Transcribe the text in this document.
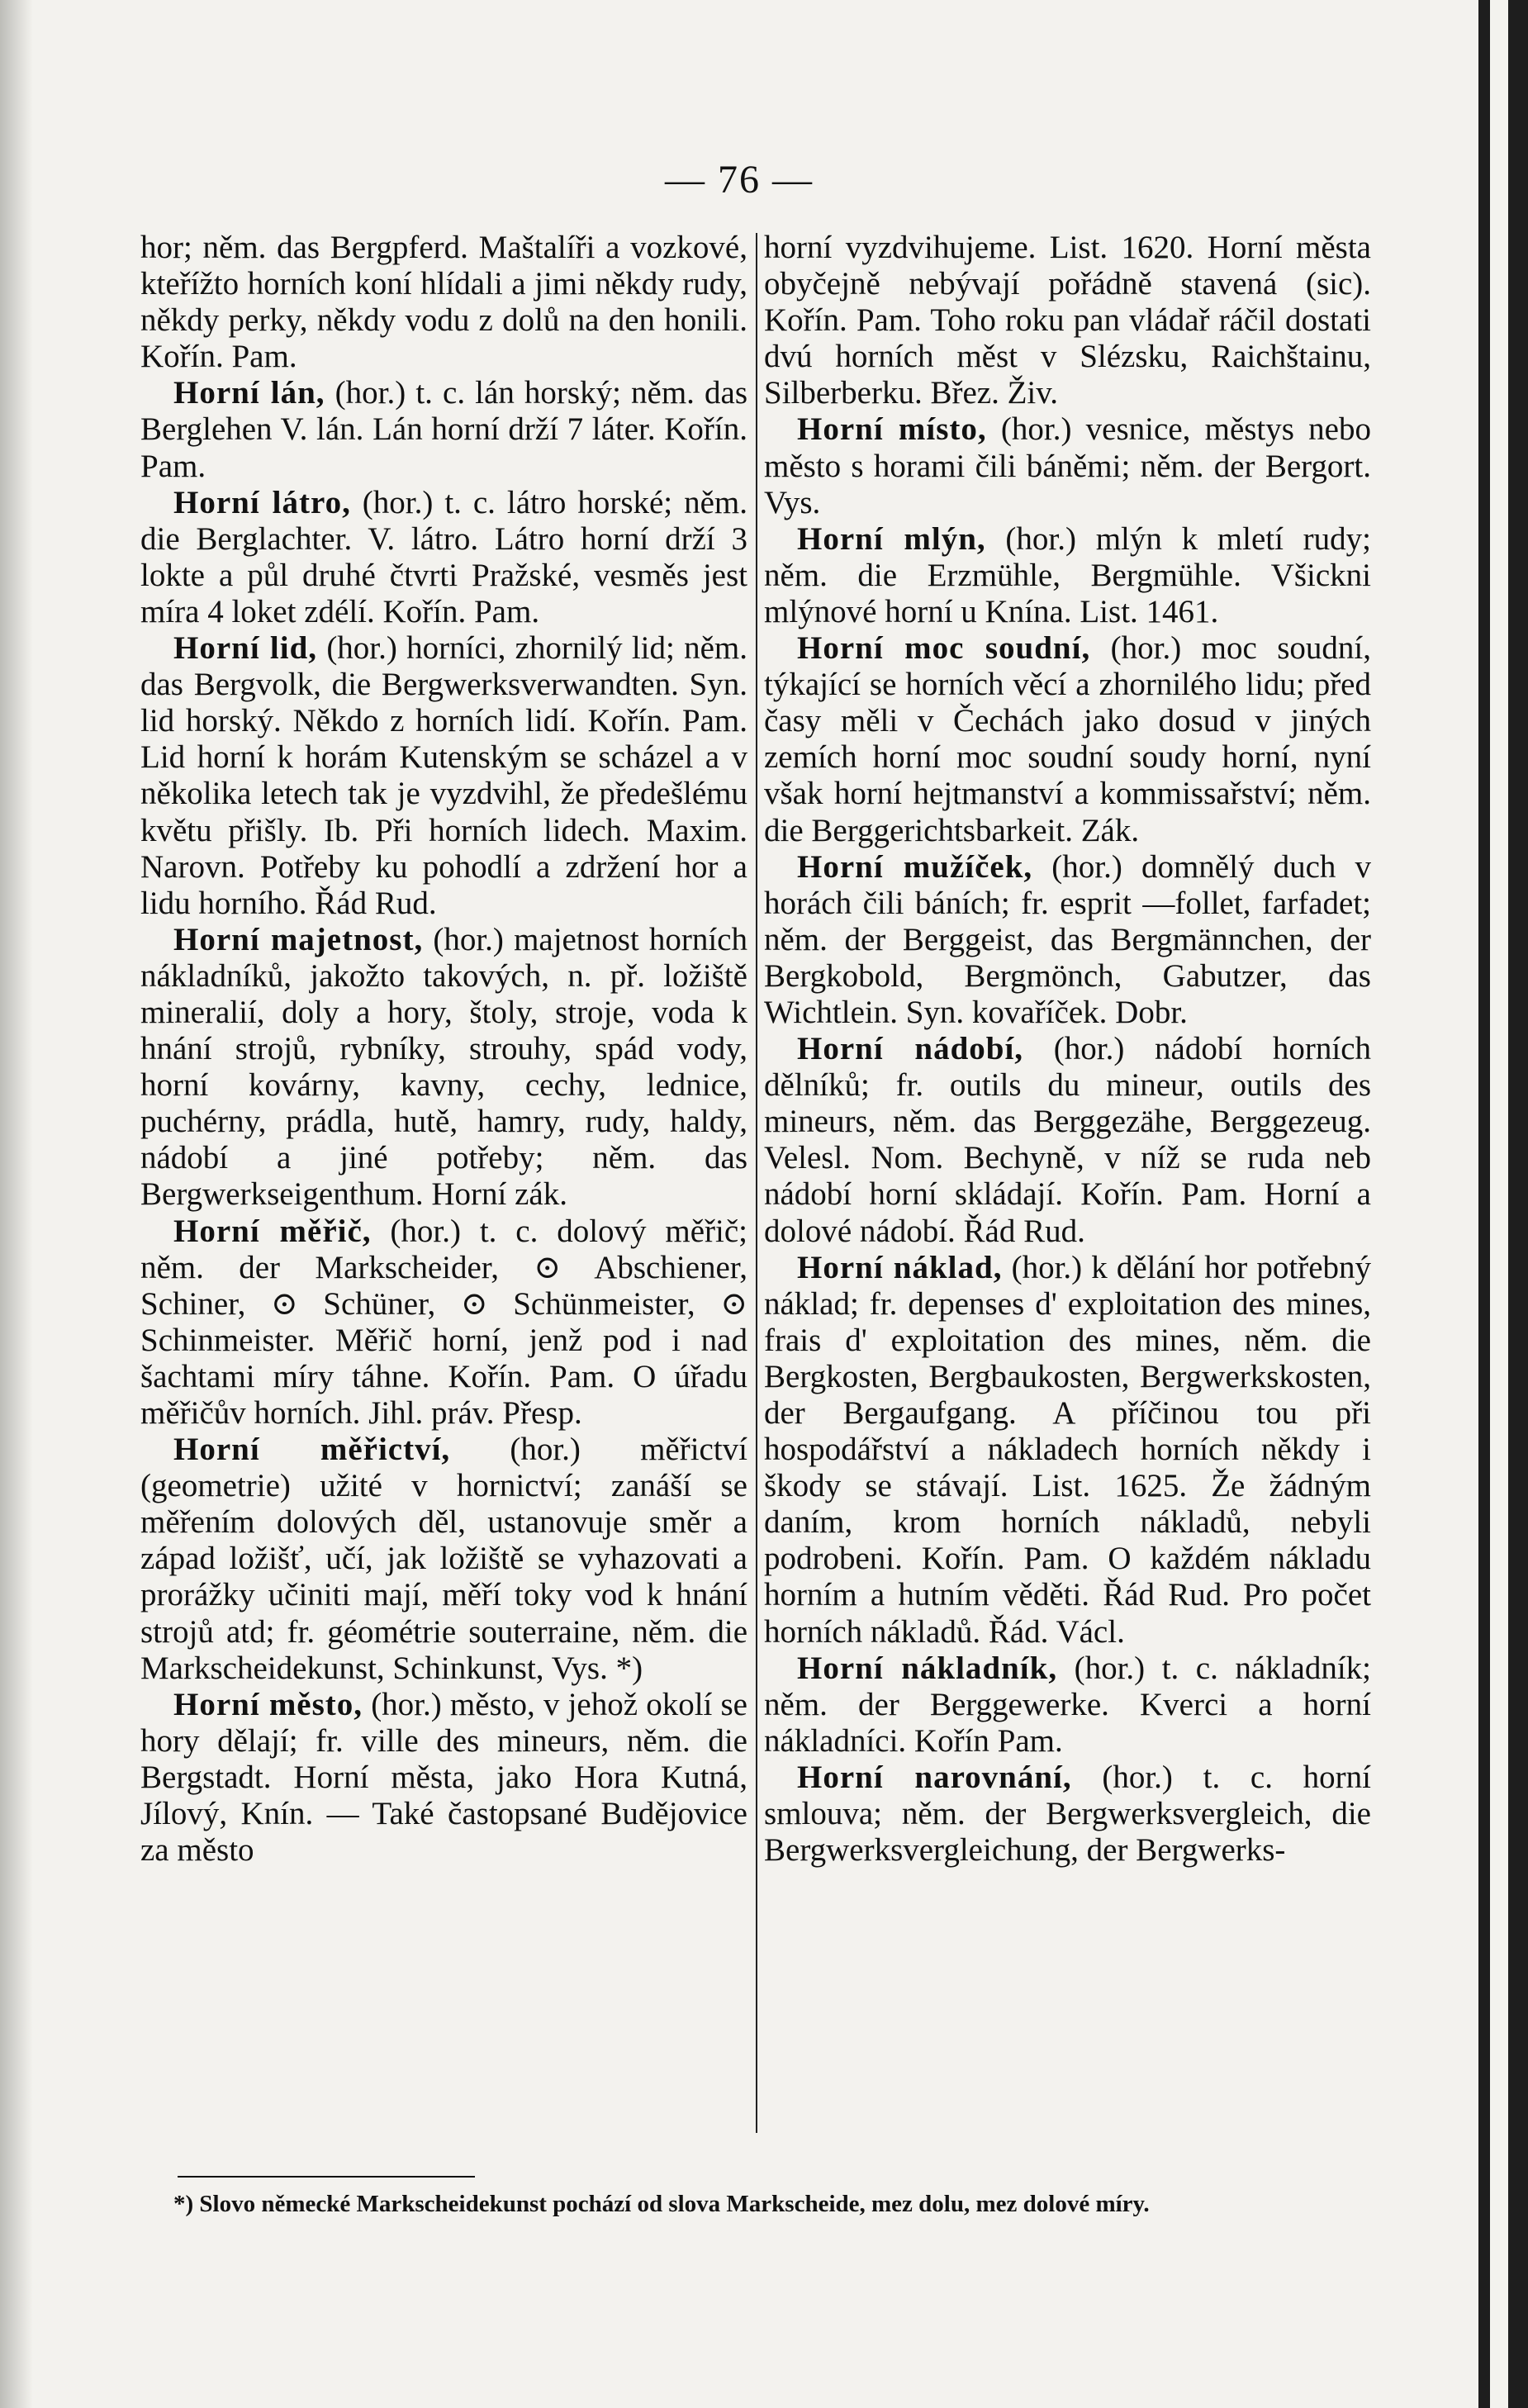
— 76 —

hor; něm. das Bergpferd. Maštalíři a vozkové, kteřížto horních koní hlídali a jimi někdy rudy, někdy perky, někdy vodu z dolů na den honili. Kořín. Pam.

Horní lán, (hor.) t. c. lán horský; něm. das Berglehen V. lán. Lán horní drží 7 láter. Kořín. Pam.

Horní látro, (hor.) t. c. látro horské; něm. die Berglachter. V. látro. Látro horní drží 3 lokte a půl druhé čtvrti Pražské, vesměs jest míra 4 loket zdélí. Kořín. Pam.

Horní lid, (hor.) horníci, zhornilý lid; něm. das Bergvolk, die Bergwerksverwandten. Syn. lid horský. Někdo z horních lidí. Kořín. Pam. Lid horní k horám Kutenským se scházel a v několika letech tak je vyzdvihl, že předešlému květu přišly. Ib. Při horních lidech. Maxim. Narovn. Potřeby ku pohodlí a zdržení hor a lidu horního. Řád Rud.

Horní majetnost, (hor.) majetnost horních nákladníků, jakožto takových, n. př. ložiště mineralií, doly a hory, štoly, stroje, voda k hnání strojů, rybníky, strouhy, spád vody, horní kovárny, kavny, cechy, lednice, puchérny, prádla, hutě, hamry, rudy, haldy, nádobí a jiné potřeby; něm. das Bergwerkseigenthum. Horní zák.

Horní měřič, (hor.) t. c. dolový měřič; něm. der Markscheider, ⊙ Abschiener, Schiner, ⊙ Schüner, ⊙ Schünmeister, ⊙ Schinmeister. Měřič horní, jenž pod i nad šachtami míry táhne. Kořín. Pam. O úřadu měřičův horních. Jihl. práv. Přesp.

Horní měřictví, (hor.) měřictví (geometrie) užité v hornictví; zanáší se měřením dolových děl, ustanovuje směr a západ ložišť, učí, jak ložiště se vyhazovati a prorážky učiniti mají, měří toky vod k hnání strojů atd; fr. géométrie souterraine, něm. die Markscheidekunst, Schinkunst, Vys. *)

Horní město, (hor.) město, v jehož okolí se hory dělají; fr. ville des mineurs, něm. die Bergstadt. Horní města, jako Hora Kutná, Jílový, Knín. — Také častopsané Budějovice za město

horní vyzdvihujeme. List. 1620. Horní města obyčejně nebývají pořádně stavená (sic). Kořín. Pam. Toho roku pan vládař ráčil dostati dvú horních měst v Slézsku, Raichštainu, Silberberku. Břez. Živ.

Horní místo, (hor.) vesnice, městys nebo město s horami čili báněmi; něm. der Bergort. Vys.

Horní mlýn, (hor.) mlýn k mletí rudy; něm. die Erzmühle, Bergmühle. Všickni mlýnové horní u Knína. List. 1461.

Horní moc soudní, (hor.) moc soudní, týkající se horních věcí a zhornilého lidu; před časy měli v Čechách jako dosud v jiných zemích horní moc soudní soudy horní, nyní však horní hejtmanství a kommissařství; něm. die Berggerichtsbarkeit. Zák.

Horní mužíček, (hor.) domnělý duch v horách čili báních; fr. esprit —follet, farfadet; něm. der Berggeist, das Bergmännchen, der Bergkobold, Bergmönch, Gabutzer, das Wichtlein. Syn. kovaříček. Dobr.

Horní nádobí, (hor.) nádobí horních dělníků; fr. outils du mineur, outils des mineurs, něm. das Berggezähe, Berggezeug. Velesl. Nom. Bechyně, v níž se ruda neb nádobí horní skládají. Kořín. Pam. Horní a dolové nádobí. Řád Rud.

Horní náklad, (hor.) k dělání hor potřebný náklad; fr. depenses d' exploitation des mines, frais d' exploitation des mines, něm. die Bergkosten, Bergbaukosten, Bergwerkskosten, der Bergaufgang. A příčinou tou při hospodářství a nákladech horních někdy i škody se stávají. List. 1625. Že žádným daním, krom horních nákladů, nebyli podrobeni. Kořín. Pam. O každém nákladu horním a hutním věděti. Řád Rud. Pro počet horních nákladů. Řád. Václ.

Horní nákladník, (hor.) t. c. nákladník; něm. der Berggewerke. Kverci a horní nákladníci. Kořín Pam.

Horní narovnání, (hor.) t. c. horní smlouva; něm. der Bergwerksvergleich, die Bergwerksvergleichung, der Bergwerks-

*) Slovo německé Markscheidekunst pochází od slova Markscheide, mez dolu, mez dolové míry.
